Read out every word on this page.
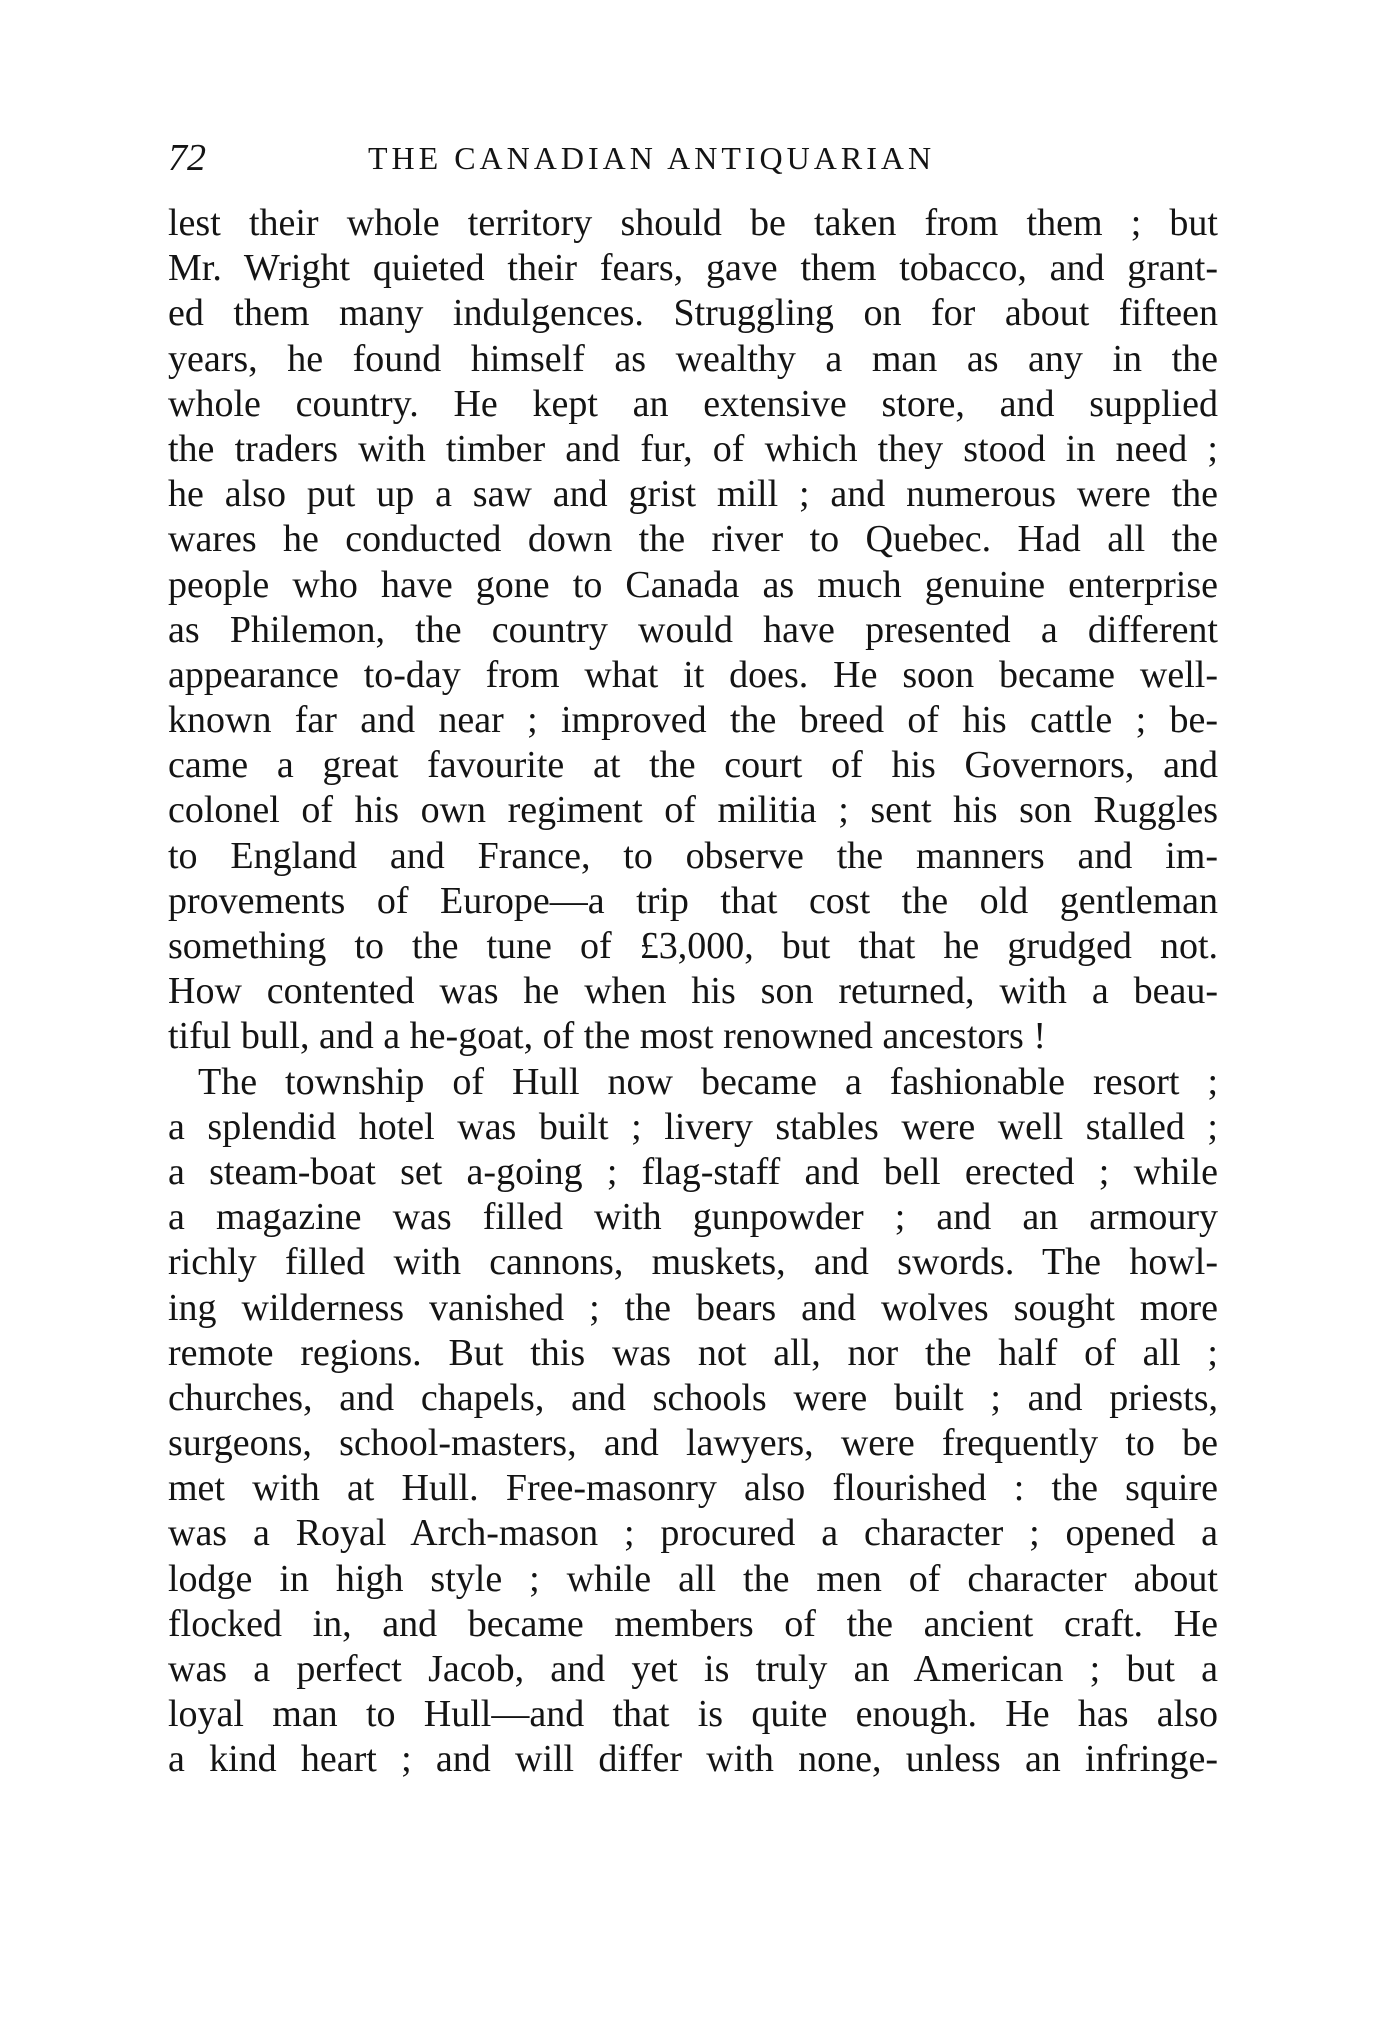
72	THE CANADIAN ANTIQUARIAN
lest their whole territory should be taken from them ; but
Mr. Wright quieted their fears, gave them tobacco, and grant-
ed them many indulgences. Struggling on for about fifteen
years, he found himself as wealthy a man as any in the
whole country. He kept an extensive store, and supplied
the traders with timber and fur, of which they stood in need ;
he also put up a saw and grist mill ; and numerous were the
wares he conducted down the river to Quebec. Had all the
people who have gone to Canada as much genuine enterprise
as Philemon, the country would have presented a different
appearance to-day from what it does. He soon became well-
known far and near ; improved the breed of his cattle ; be-
came a great favourite at the court of his Governors, and
colonel of his own regiment of militia ; sent his son Ruggles
to England and France, to observe the manners and im-
provements of Europe—a trip that cost the old gentleman
something to the tune of £3,000, but that he grudged not.
How contented was he when his son returned, with a beau-
tiful bull, and a he-goat, of the most renowned ancestors !
The township of Hull now became a fashionable resort ;
a splendid hotel was built ; livery stables were well stalled ;
a steam-boat set a-going ; flag-staff and bell erected ; while
a magazine was filled with gunpowder ; and an armoury
richly filled with cannons, muskets, and swords. The howl-
ing wilderness vanished ; the bears and wolves sought more
remote regions. But this was not all, nor the half of all ;
churches, and chapels, and schools were built ; and priests,
surgeons, school-masters, and lawyers, were frequently to be
met with at Hull. Free-masonry also flourished : the squire
was a Royal Arch-mason ; procured a character ; opened a
lodge in high style ; while all the men of character about
flocked in, and became members of the ancient craft. He
was a perfect Jacob, and yet is truly an American ; but a
loyal man to Hull—and that is quite enough. He has also
a kind heart ; and will differ with none, unless an infringe-
